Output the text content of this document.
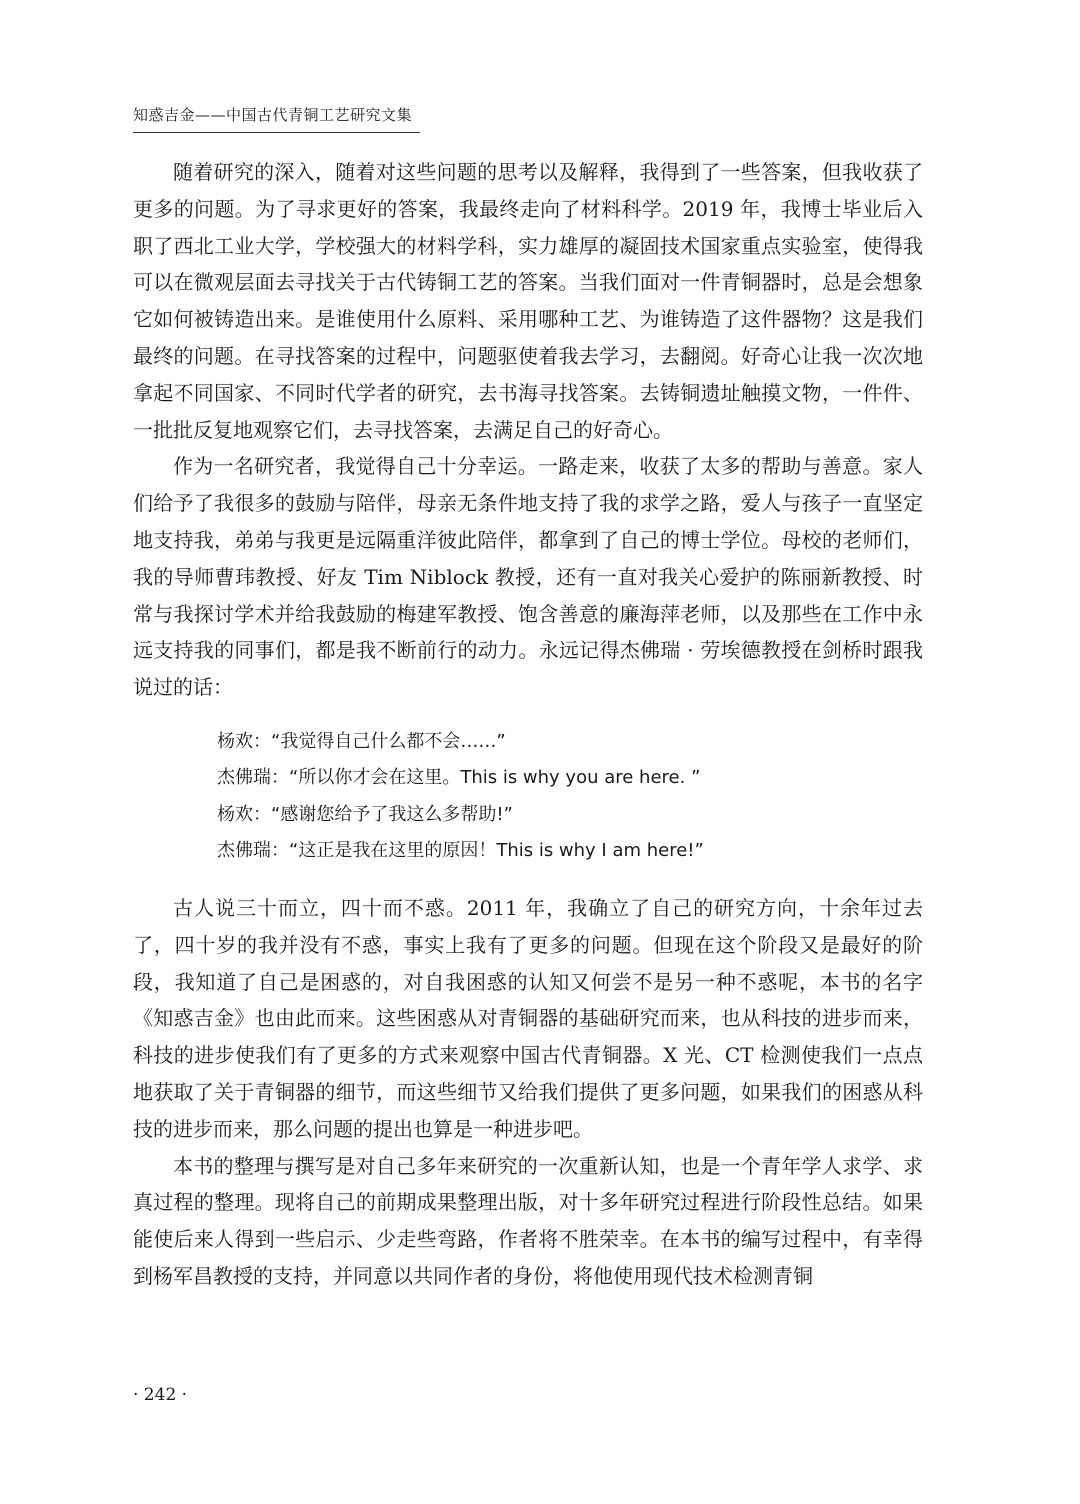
知惑吉金——中国古代青铜工艺研究文集

随着研究的深入，随着对这些问题的思考以及解释，我得到了一些答案，但我收获了更多的问题。为了寻求更好的答案，我最终走向了材料科学。2019 年，我博士毕业后入职了西北工业大学，学校强大的材料学科，实力雄厚的凝固技术国家重点实验室，使得我可以在微观层面去寻找关于古代铸铜工艺的答案。当我们面对一件青铜器时，总是会想象它如何被铸造出来。是谁使用什么原料、采用哪种工艺、为谁铸造了这件器物？这是我们最终的问题。在寻找答案的过程中，问题驱使着我去学习，去翻阅。好奇心让我一次次地拿起不同国家、不同时代学者的研究，去书海寻找答案。去铸铜遗址触摸文物，一件件、一批批反复地观察它们，去寻找答案，去满足自己的好奇心。

作为一名研究者，我觉得自己十分幸运。一路走来，收获了太多的帮助与善意。家人们给予了我很多的鼓励与陪伴，母亲无条件地支持了我的求学之路，爱人与孩子一直坚定地支持我，弟弟与我更是远隔重洋彼此陪伴，都拿到了自己的博士学位。母校的老师们，我的导师曹玮教授、好友 Tim Niblock 教授，还有一直对我关心爱护的陈丽新教授、时常与我探讨学术并给我鼓励的梅建军教授、饱含善意的廉海萍老师，以及那些在工作中永远支持我的同事们，都是我不断前行的动力。永远记得杰佛瑞 · 劳埃德教授在剑桥时跟我说过的话：

杨欢：“我觉得自己什么都不会……”
杰佛瑞：“所以你才会在这里。This is why you are here. ”
杨欢：“感谢您给予了我这么多帮助!”
杰佛瑞：“这正是我在这里的原因！This is why I am here!”

古人说三十而立，四十而不惑。2011 年，我确立了自己的研究方向，十余年过去了，四十岁的我并没有不惑，事实上我有了更多的问题。但现在这个阶段又是最好的阶段，我知道了自己是困惑的，对自我困惑的认知又何尝不是另一种不惑呢，本书的名字《知惑吉金》也由此而来。这些困惑从对青铜器的基础研究而来，也从科技的进步而来，科技的进步使我们有了更多的方式来观察中国古代青铜器。X 光、CT 检测使我们一点点地获取了关于青铜器的细节，而这些细节又给我们提供了更多问题，如果我们的困惑从科技的进步而来，那么问题的提出也算是一种进步吧。

本书的整理与撰写是对自己多年来研究的一次重新认知，也是一个青年学人求学、求真过程的整理。现将自己的前期成果整理出版，对十多年研究过程进行阶段性总结。如果能使后来人得到一些启示、少走些弯路，作者将不胜荣幸。在本书的编写过程中，有幸得到杨军昌教授的支持，并同意以共同作者的身份，将他使用现代技术检测青铜

· 242 ·
